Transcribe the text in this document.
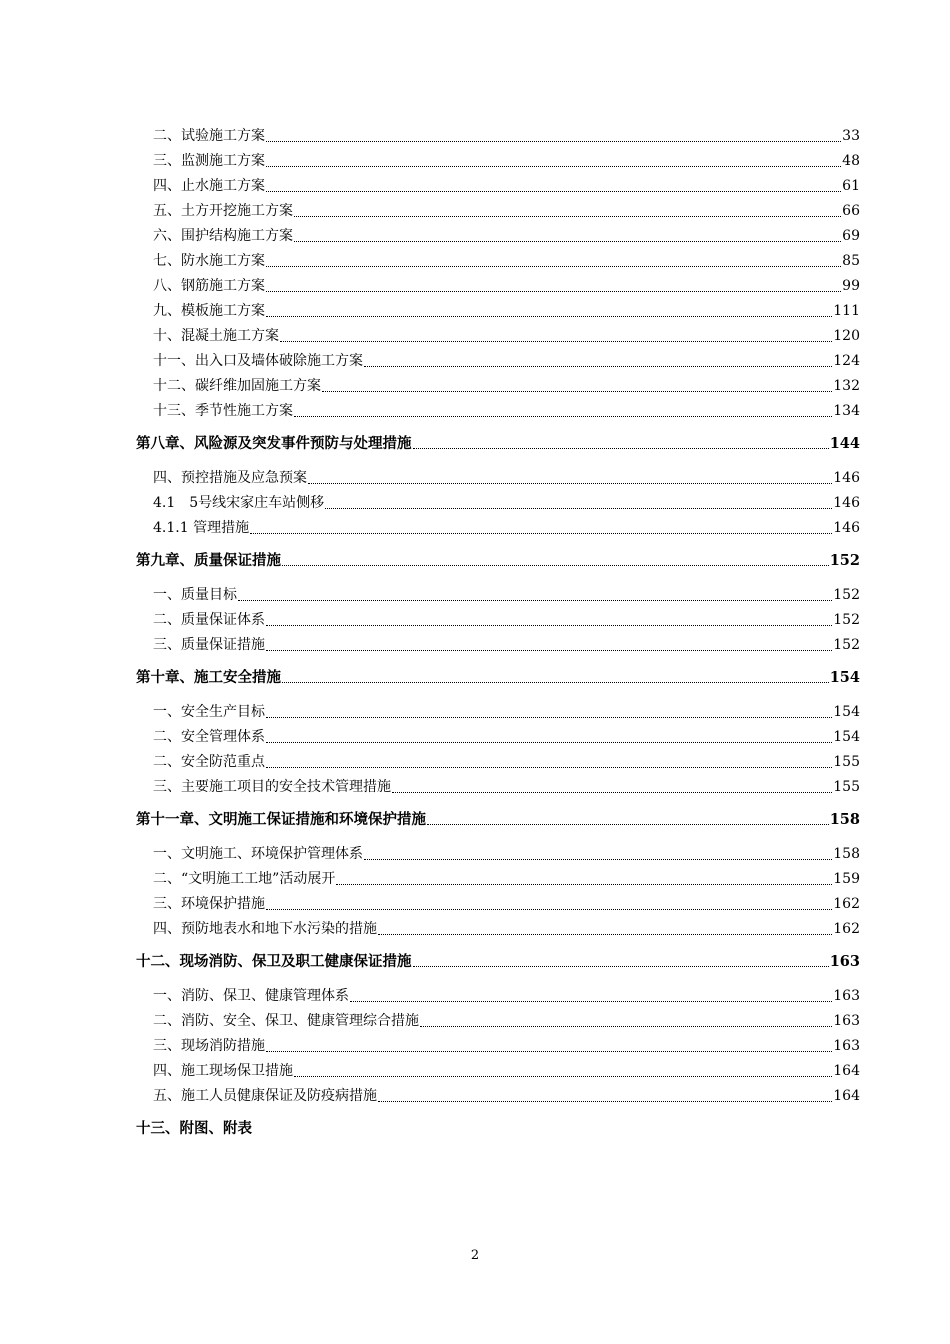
二、试验施工方案	33
三、监测施工方案	48
四、止水施工方案	61
五、土方开挖施工方案	66
六、围护结构施工方案	69
七、防水施工方案	85
八、钢筋施工方案	99
九、模板施工方案	111
十、混凝土施工方案	120
十一、出入口及墙体破除施工方案	124
十二、碳纤维加固施工方案	132
十三、季节性施工方案	134
第八章、风险源及突发事件预防与处理措施	144
四、预控措施及应急预案	146
4.1　5号线宋家庄车站侧移	146
4.1.1 管理措施	146
第九章、质量保证措施	152
一、质量目标	152
二、质量保证体系	152
三、质量保证措施	152
第十章、施工安全措施	154
一、安全生产目标	154
二、安全管理体系	154
二、安全防范重点	155
三、主要施工项目的安全技术管理措施	155
第十一章、文明施工保证措施和环境保护措施	158
一、文明施工、环境保护管理体系	158
二、“文明施工工地”活动展开	159
三、环境保护措施	162
四、预防地表水和地下水污染的措施	162
十二、现场消防、保卫及职工健康保证措施	163
一、消防、保卫、健康管理体系	163
二、消防、安全、保卫、健康管理综合措施	163
三、现场消防措施	163
四、施工现场保卫措施	164
五、施工人员健康保证及防疫病措施	164
十三、附图、附表
2
